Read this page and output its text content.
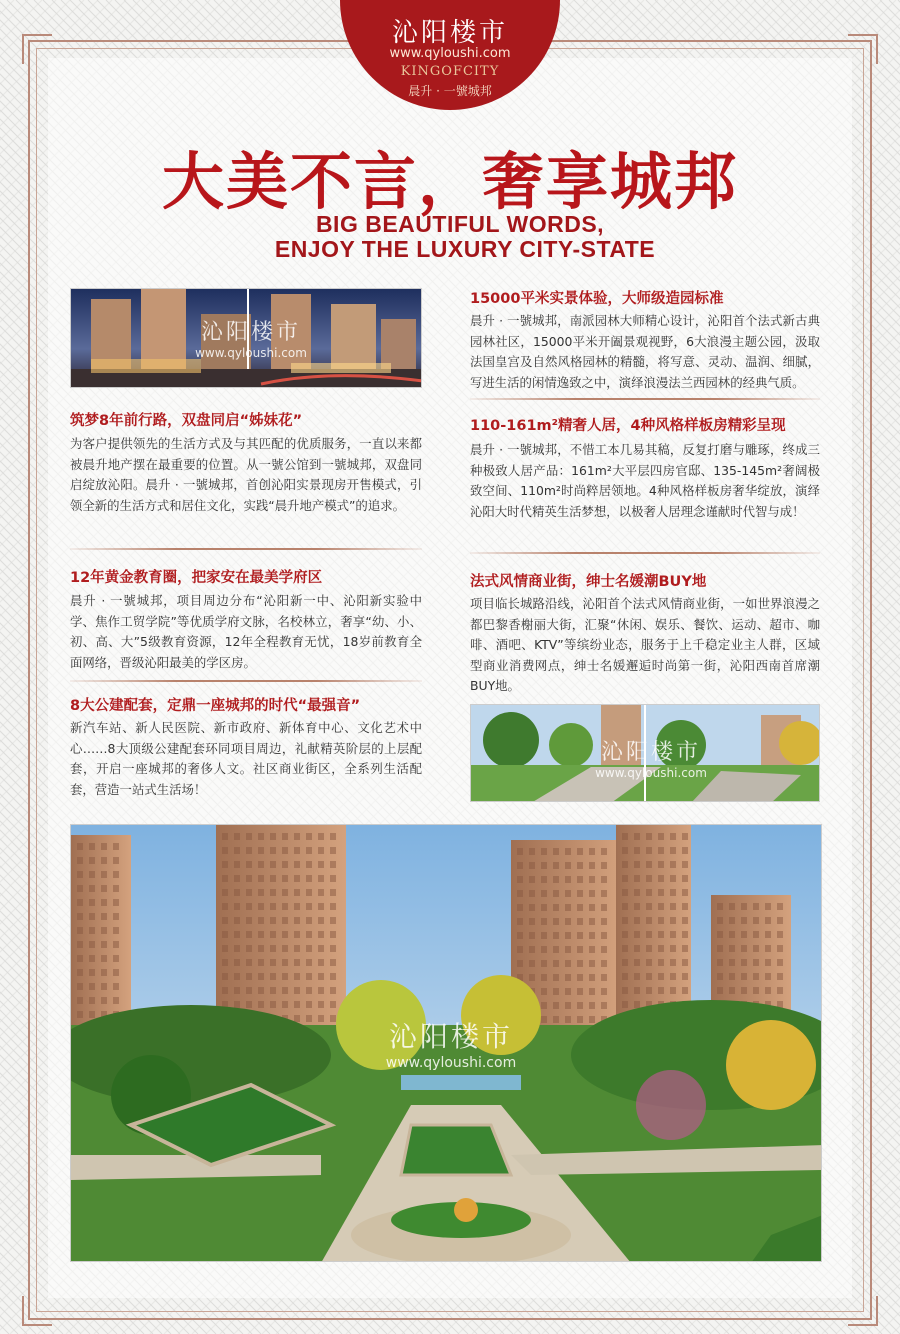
沁阳楼市
www.qyloushi.com
KINGOFCITY
晨升 · 一號城邦
大美不言，奢享城邦
BIG BEAUTIFUL WORDS,
ENJOY THE LUXURY CITY-STATE
沁阳楼市
www.qyloushi.com
筑梦8年前行路，双盘同启“姊妹花”
为客户提供领先的生活方式及与其匹配的优质服务，一直以来都被晨升地产摆在最重要的位置。从一號公馆到一號城邦，双盘同启绽放沁阳。晨升 · 一號城邦，首创沁阳实景现房开售模式，引领全新的生活方式和居住文化，实践“晨升地产模式”的追求。
12年黄金教育圈，把家安在最美学府区
晨升 · 一號城邦，项目周边分布“沁阳新一中、沁阳新实验中学、焦作工贸学院”等优质学府文脉，名校林立，奢享“幼、小、初、高、大”5级教育资源，12年全程教育无忧，18岁前教育全面网络，晋级沁阳最美的学区房。
8大公建配套，定鼎一座城邦的时代“最强音”
新汽车站、新人民医院、新市政府、新体育中心、文化艺术中心……8大顶级公建配套环同项目周边，礼献精英阶层的上层配套，开启一座城邦的奢侈人文。社区商业街区，全系列生活配套，营造一站式生活场！
15000平米实景体验，大师级造园标准
晨升 · 一號城邦，南派园林大师精心设计，沁阳首个法式新古典园林社区，15000平米开阖景观视野，6大浪漫主题公园，汲取法国皇宫及自然风格园林的精髓，将写意、灵动、温润、细腻，写进生活的闲情逸致之中，演绎浪漫法兰西园林的经典气质。
110-161m²精奢人居，4种风格样板房精彩呈现
晨升 · 一號城邦，不惜工本几易其稿，反复打磨与雕琢，终成三种极致人居产品：161m²大平层四房官邸、135-145m²奢阔极致空间、110m²时尚粹居领地。4种风格样板房奢华绽放，演绎沁阳大时代精英生活梦想，以极奢人居理念谨献时代智与成！
法式风情商业街，绅士名媛潮BUY地
项目临长城路沿线，沁阳首个法式风情商业街，一如世界浪漫之都巴黎香榭丽大街，汇聚“休闲、娱乐、餐饮、运动、超市、咖啡、酒吧、KTV”等缤纷业态，服务于上千稳定业主人群，区域型商业消费网点，绅士名媛邂逅时尚第一街，沁阳西南首席潮BUY地。
沁阳楼市
www.qyloushi.com
沁阳楼市
www.qyloushi.com
